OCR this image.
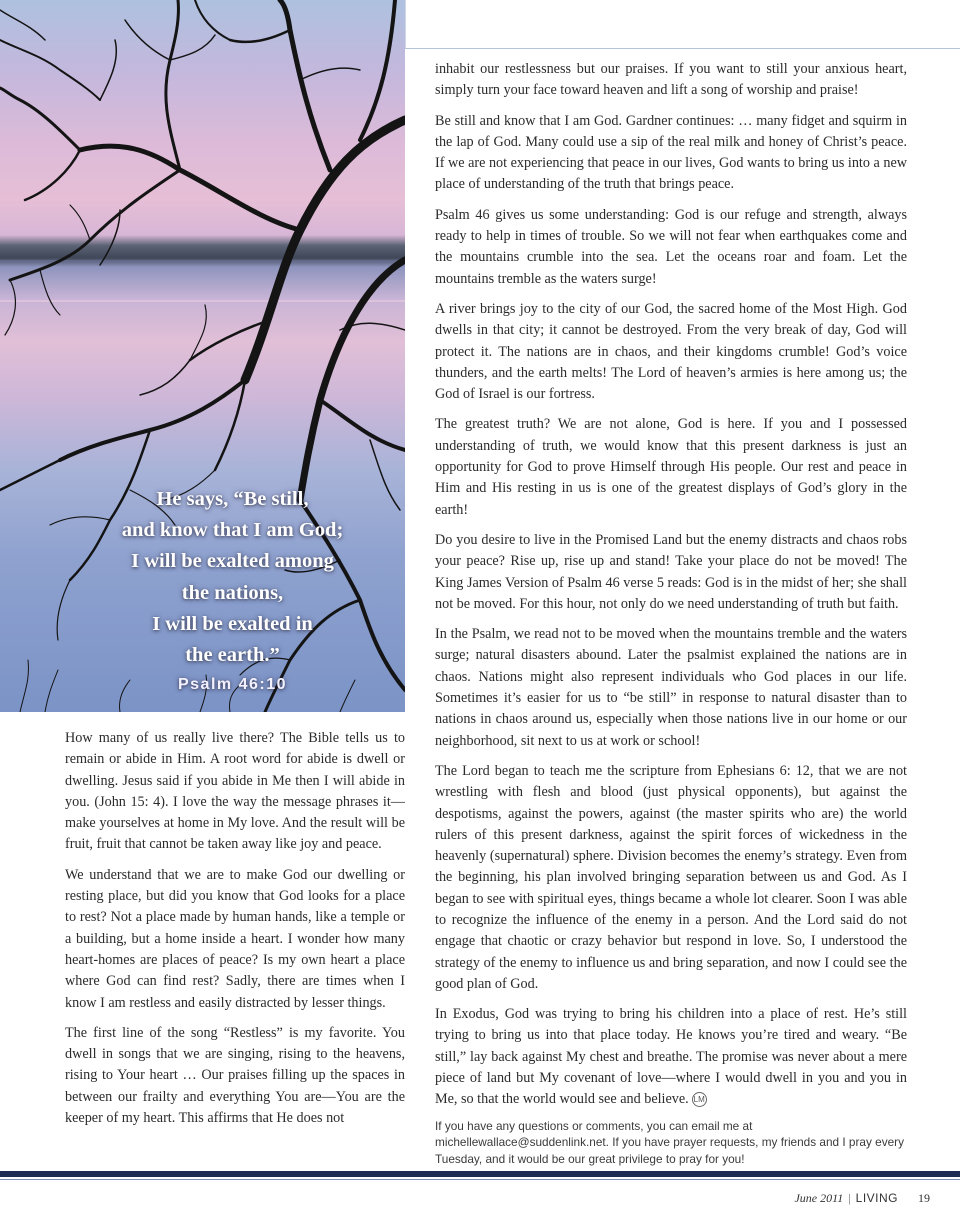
He says, “Be still,
and know that I am God;
I will be exalted among
the nations,
I will be exalted in
the earth.”
Psalm 46:10

How many of us really live there? The Bible tells us to remain or abide in Him. A root word for abide is dwell or dwelling. Jesus said if you abide in Me then I will abide in you. (John 15: 4). I love the way the message phrases it—make yourselves at home in My love. And the result will be fruit, fruit that cannot be taken away like joy and peace.

We understand that we are to make God our dwelling or resting place, but did you know that God looks for a place to rest? Not a place made by human hands, like a temple or a building, but a home inside a heart. I wonder how many heart-homes are places of peace? Is my own heart a place where God can find rest? Sadly, there are times when I know I am restless and easily distracted by lesser things.

The first line of the song “Restless” is my favorite. You dwell in songs that we are singing, rising to the heavens, rising to Your heart … Our praises filling up the spaces in between our frailty and everything You are—You are the keeper of my heart. This affirms that He does not

inhabit our restlessness but our praises. If you want to still your anxious heart, simply turn your face toward heaven and lift a song of worship and praise!

Be still and know that I am God. Gardner continues: … many fidget and squirm in the lap of God. Many could use a sip of the real milk and honey of Christ’s peace. If we are not experiencing that peace in our lives, God wants to bring us into a new place of understanding of the truth that brings peace.

Psalm 46 gives us some understanding: God is our refuge and strength, always ready to help in times of trouble. So we will not fear when earthquakes come and the mountains crumble into the sea. Let the oceans roar and foam. Let the mountains tremble as the waters surge!

A river brings joy to the city of our God, the sacred home of the Most High. God dwells in that city; it cannot be destroyed. From the very break of day, God will protect it. The nations are in chaos, and their kingdoms crumble! God’s voice thunders, and the earth melts! The Lord of heaven’s armies is here among us; the God of Israel is our fortress.

The greatest truth? We are not alone, God is here. If you and I possessed understanding of truth, we would know that this present darkness is just an opportunity for God to prove Himself through His people. Our rest and peace in Him and His resting in us is one of the greatest displays of God’s glory in the earth!

Do you desire to live in the Promised Land but the enemy distracts and chaos robs your peace? Rise up, rise up and stand! Take your place do not be moved! The King James Version of Psalm 46 verse 5 reads: God is in the midst of her; she shall not be moved. For this hour, not only do we need understanding of truth but faith.

In the Psalm, we read not to be moved when the mountains tremble and the waters surge; natural disasters abound. Later the psalmist explained the nations are in chaos. Nations might also represent individuals who God places in our life. Sometimes it’s easier for us to “be still” in response to natural disaster than to nations in chaos around us, especially when those nations live in our home or our neighborhood, sit next to us at work or school!

The Lord began to teach me the scripture from Ephesians 6: 12, that we are not wrestling with flesh and blood (just physical opponents), but against the despotisms, against the powers, against (the master spirits who are) the world rulers of this present darkness, against the spirit forces of wickedness in the heavenly (supernatural) sphere. Division becomes the enemy’s strategy. Even from the beginning, his plan involved bringing separation between us and God. As I began to see with spiritual eyes, things became a whole lot clearer. Soon I was able to recognize the influence of the enemy in a person. And the Lord said do not engage that chaotic or crazy behavior but respond in love. So, I understood the strategy of the enemy to influence us and bring separation, and now I could see the good plan of God.

In Exodus, God was trying to bring his children into a place of rest. He’s still trying to bring us into that place today. He knows you’re tired and weary. “Be still,” lay back against My chest and breathe. The promise was never about a mere piece of land but My covenant of love—where I would dwell in you and you in Me, so that the world would see and believe. LM

If you have any questions or comments, you can email me at michellewallace@suddenlink.net. If you have prayer requests, my friends and I pray every Tuesday, and it would be our great privilege to pray for you!
June 2011 | LIVING 19
